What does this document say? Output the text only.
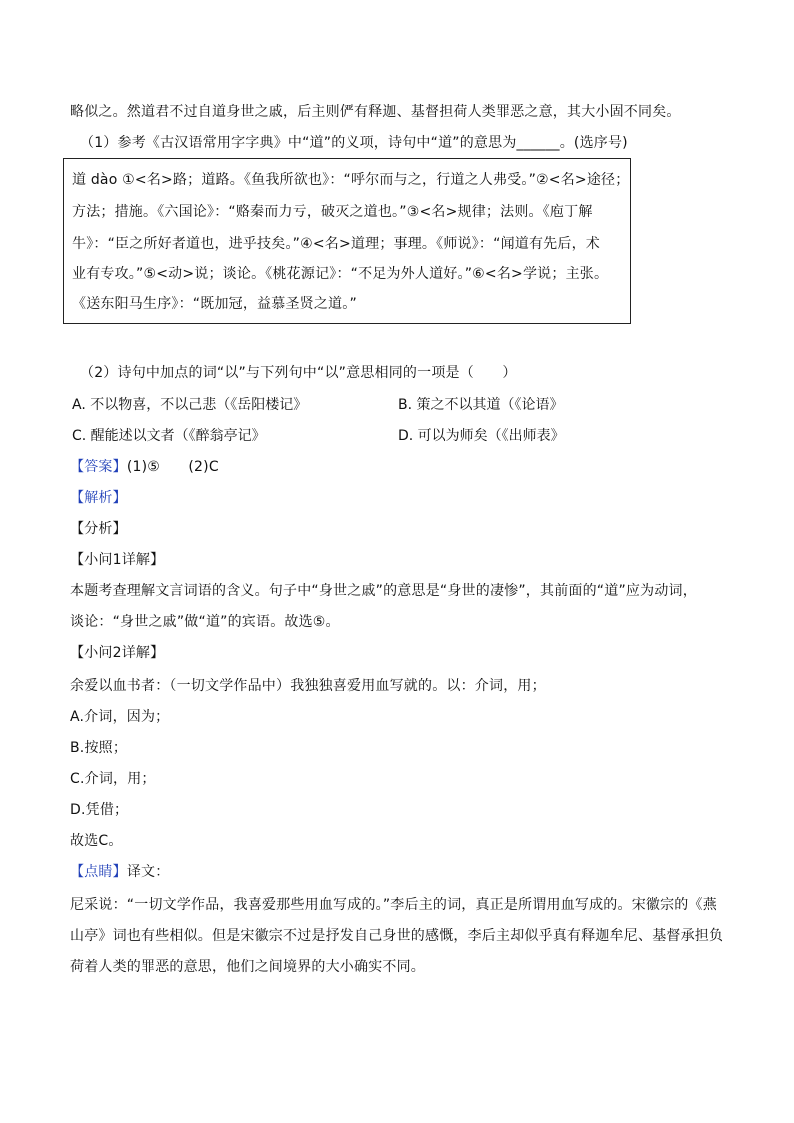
略似之。然道君不过自道身世之戚，后主则俨有释迦、基督担荷人类罪恶之意，其大小固不同矣。
（1）参考《古汉语常用字字典》中“道”的义项，诗句中“道”的意思为______。(选序号)
道 dào ①<名>路；道路。《鱼我所欲也》：“呼尔而与之，行道之人弗受。”②<名>途径；
方法；措施。《六国论》：“赂秦而力亏，破灭之道也。”③<名>规律；法则。《庖丁解
牛》：“臣之所好者道也，进乎技矣。”④<名>道理；事理。《师说》：“闻道有先后，术
业有专攻。”⑤<动>说；谈论。《桃花源记》：“不足为外人道好。”⑥<名>学说；主张。
《送东阳马生序》：“既加冠，益慕圣贤之道。”
（2）诗句中加点的词“以”与下列句中“以”意思相同的一项是（　　）
A. 不以物喜，不以己悲（《岳阳楼记》	B. 策之不以其道（《论语》
C. 醒能述以文者（《醉翁亭记》	D. 可以为师矣（《出师表》
【答案】(1)⑤　　(2)C
【解析】
【分析】
【小问1详解】
本题考查理解文言词语的含义。句子中“身世之戚”的意思是“身世的凄惨”，其前面的“道”应为动词，
谈论：“身世之戚”做“道”的宾语。故选⑤。
【小问2详解】
余爱以血书者：（一切文学作品中）我独独喜爱用血写就的。以：介词，用；
A.介词，因为；
B.按照；
C.介词，用；
D.凭借；
故选C。
【点睛】译文：
尼采说：“一切文学作品，我喜爱那些用血写成的。”李后主的词，真正是所谓用血写成的。宋徽宗的《燕
山亭》词也有些相似。但是宋徽宗不过是抒发自己身世的感慨，李后主却似乎真有释迦牟尼、基督承担负
荷着人类的罪恶的意思，他们之间境界的大小确实不同。
